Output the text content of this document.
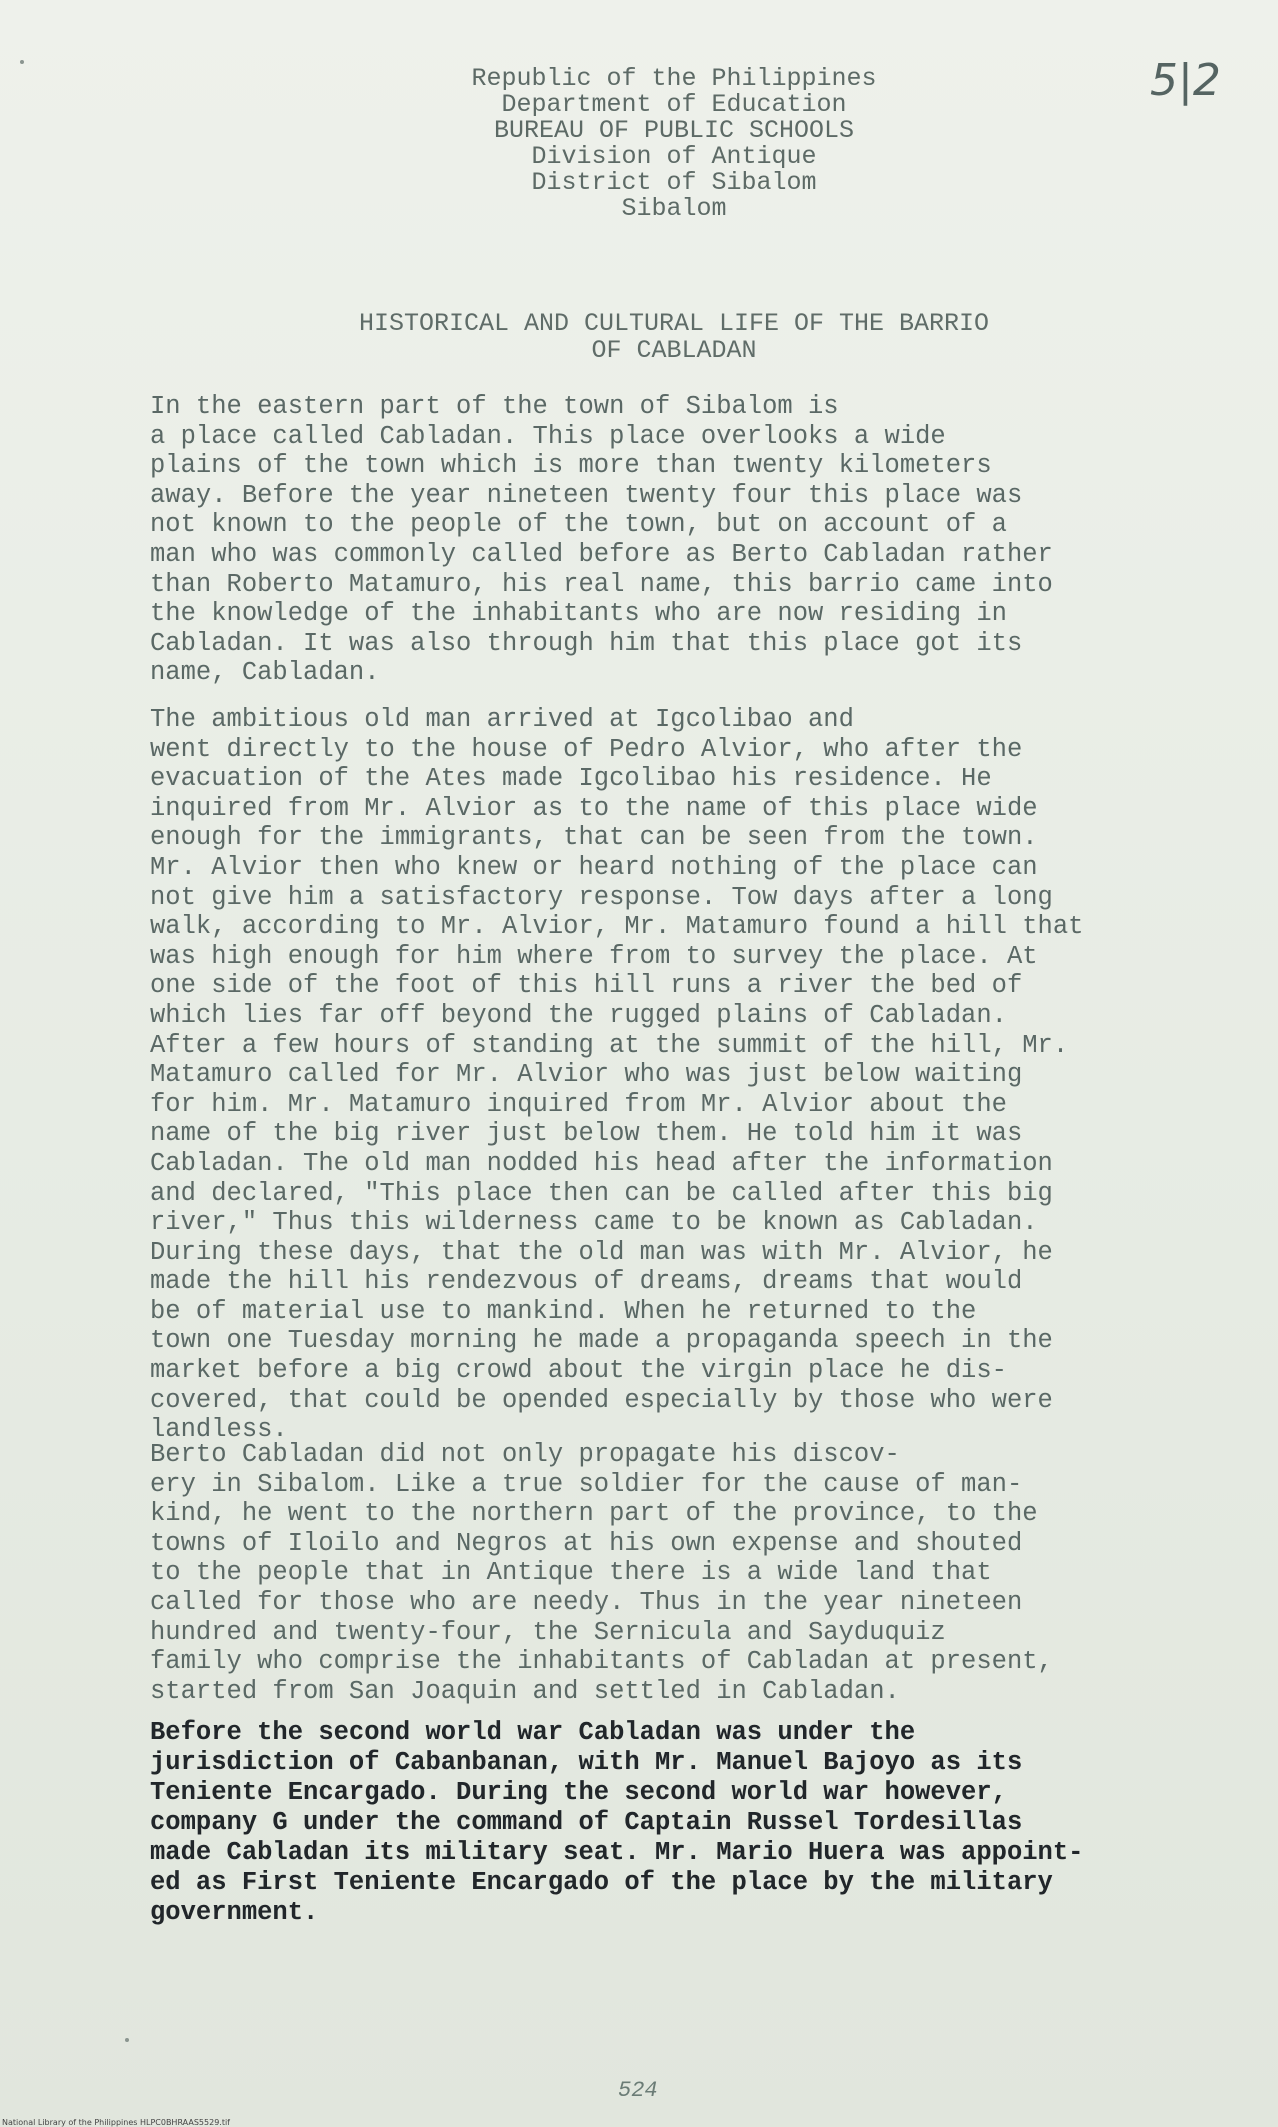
5|2
Republic of the Philippines
Department of Education
BUREAU OF PUBLIC SCHOOLS
Division of Antique
District of Sibalom
Sibalom
HISTORICAL AND CULTURAL LIFE OF THE BARRIO
OF CABLADAN

In the eastern part of the town of Sibalom is
a place called Cabladan. This place overlooks a wide
plains of the town which is more than twenty kilometers
away. Before the year nineteen twenty four this place was
not known to the people of the town, but on account of a
man who was commonly called before as Berto Cabladan rather
than Roberto Matamuro, his real name, this barrio came into
the knowledge of the inhabitants who are now residing in
Cabladan. It was also through him that this place got its
name, Cabladan.

The ambitious old man arrived at Igcolibao and
went directly to the house of Pedro Alvior, who after the
evacuation of the Ates made Igcolibao his residence. He
inquired from Mr. Alvior as to the name of this place wide
enough for the immigrants, that can be seen from the town.
Mr. Alvior then who knew or heard nothing of the place can
not give him a satisfactory response. Tow days after a long
walk, according to Mr. Alvior, Mr. Matamuro found a hill that
was high enough for him where from to survey the place. At
one side of the foot of this hill runs a river the bed of
which lies far off beyond the rugged plains of Cabladan.
After a few hours of standing at the summit of the hill, Mr.
Matamuro called for Mr. Alvior who was just below waiting
for him. Mr. Matamuro inquired from Mr. Alvior about the
name of the big river just below them. He told him it was
Cabladan. The old man nodded his head after the information
and declared, "This place then can be called after this big
river," Thus this wilderness came to be known as Cabladan.
During these days, that the old man was with Mr. Alvior, he
made the hill his rendezvous of dreams, dreams that would
be of material use to mankind. When he returned to the
town one Tuesday morning he made a propaganda speech in the
market before a big crowd about the virgin place he dis-
covered, that could be opended especially by those who were
landless.

Berto Cabladan did not only propagate his discov-
ery in Sibalom. Like a true soldier for the cause of man-
kind, he went to the northern part of the province, to the
towns of Iloilo and Negros at his own expense and shouted
to the people that in Antique there is a wide land that
called for those who are needy. Thus in the year nineteen
hundred and twenty-four, the Sernicula and Sayduquiz
family who comprise the inhabitants of Cabladan at present,
started from San Joaquin and settled in Cabladan.

Before the second world war Cabladan was under the
jurisdiction of Cabanbanan, with Mr. Manuel Bajoyo as its
Teniente Encargado. During the second world war however,
company G under the command of Captain Russel Tordesillas
made Cabladan its military seat. Mr. Mario Huera was appoint-
ed as First Teniente Encargado of the place by the military
government.

524
National Library of the Philippines HLPC0BHRAAS5529.tif
